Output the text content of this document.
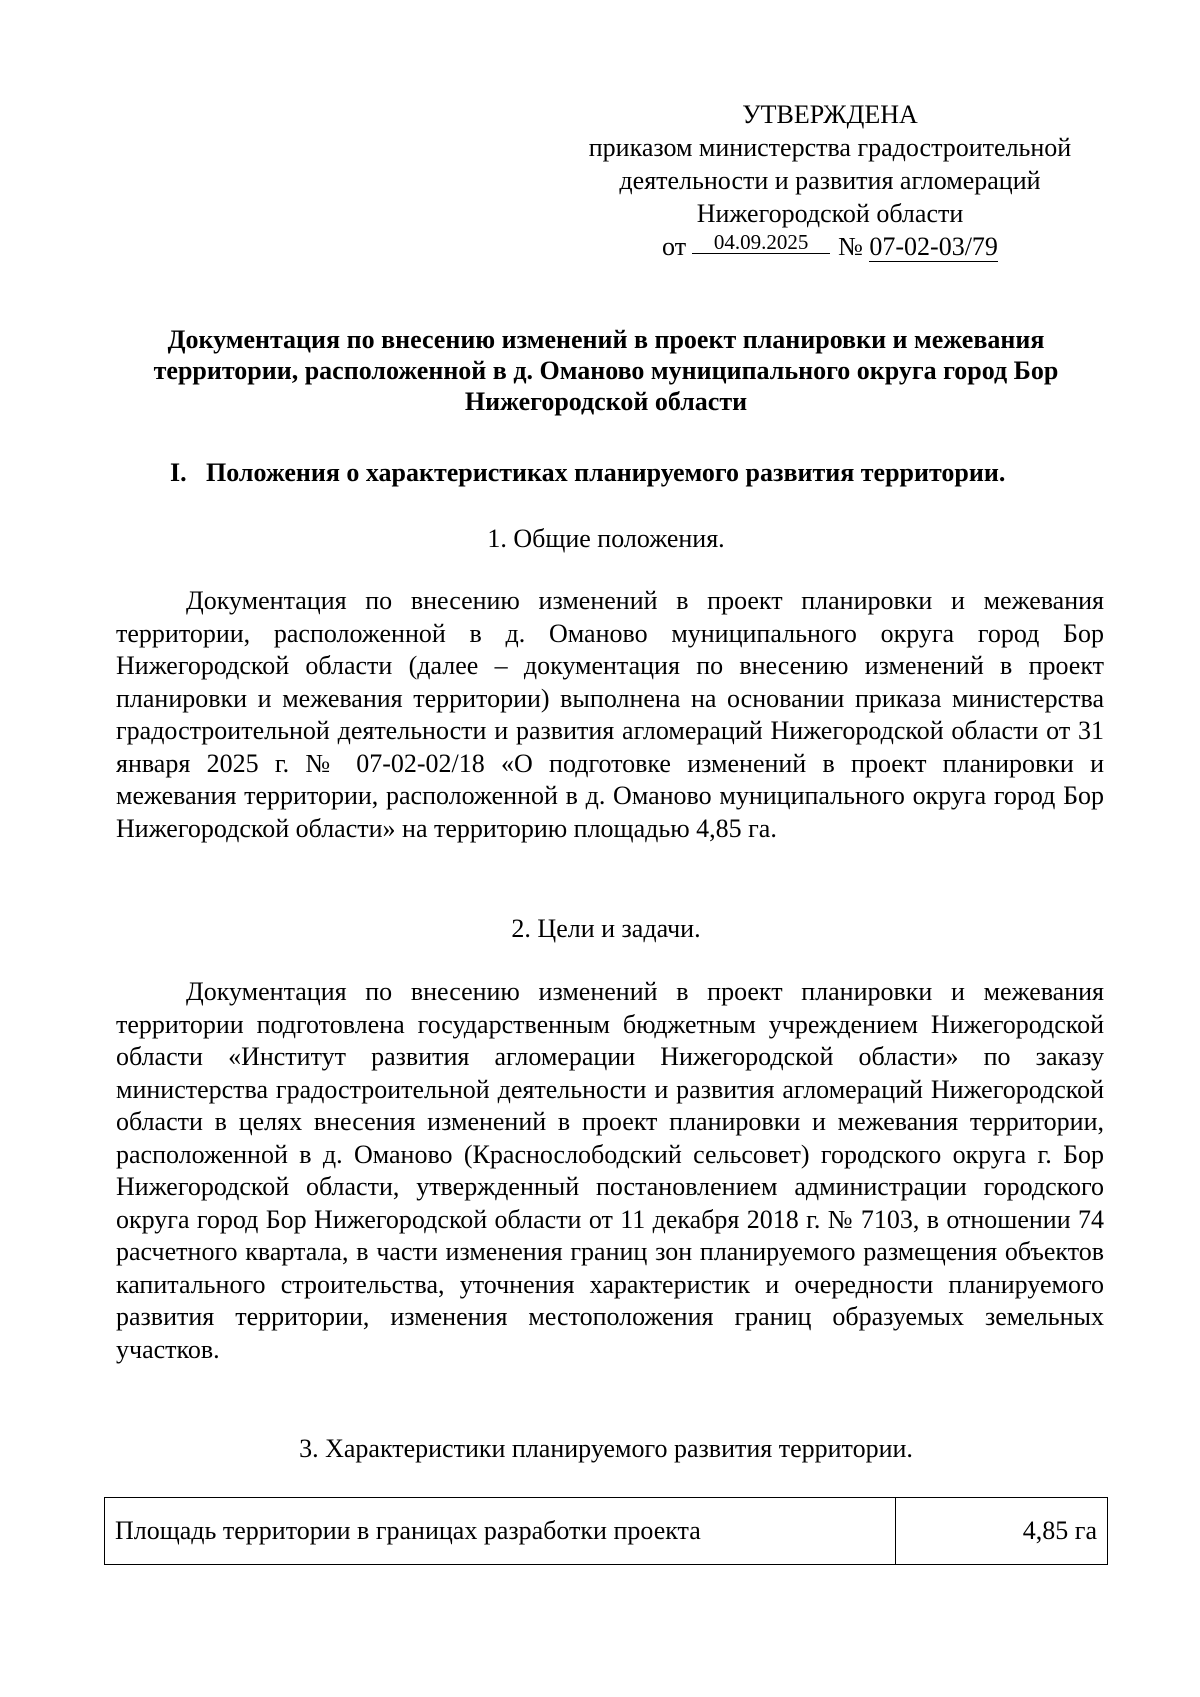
УТВЕРЖДЕНА
приказом министерства градостроительной
деятельности и развития агломераций
Нижегородской области
от 04.09.2025 № 07-02-03/79
Документация по внесению изменений в проект планировки и межевания территории, расположенной в д. Оманово муниципального округа город Бор Нижегородской области
I. Положения о характеристиках планируемого развития территории.
1. Общие положения.
Документация по внесению изменений в проект планировки и межевания территории, расположенной в д. Оманово муниципального округа город Бор Нижегородской области (далее – документация по внесению изменений в проект планировки и межевания территории) выполнена на основании приказа министерства градостроительной деятельности и развития агломераций Нижегородской области от 31 января 2025 г. № 07-02-02/18 «О подготовке изменений в проект планировки и межевания территории, расположенной в д. Оманово муниципального округа город Бор Нижегородской области» на территорию площадью 4,85 га.
2. Цели и задачи.
Документация по внесению изменений в проект планировки и межевания территории подготовлена государственным бюджетным учреждением Нижегородской области «Институт развития агломерации Нижегородской области» по заказу министерства градостроительной деятельности и развития агломераций Нижегородской области в целях внесения изменений в проект планировки и межевания территории, расположенной в д. Оманово (Краснослободский сельсовет) городского округа г. Бор Нижегородской области, утвержденный постановлением администрации городского округа город Бор Нижегородской области от 11 декабря 2018 г. № 7103, в отношении 74 расчетного квартала, в части изменения границ зон планируемого размещения объектов капитального строительства, уточнения характеристик и очередности планируемого развития территории, изменения местоположения границ образуемых земельных участков.
3. Характеристики планируемого развития территории.
Площадь территории в границах разработки проекта	4,85 га
